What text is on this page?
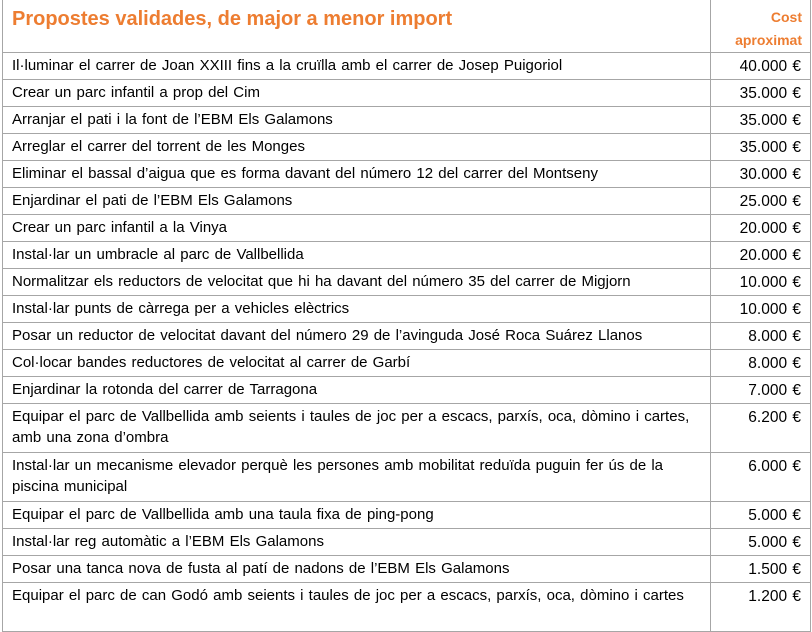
Propostes validades, de major a menor import	Cost
aproximat

Il·luminar el carrer de Joan XXIII fins a la cruïlla amb el carrer de Josep Puigoriol	40.000 €
Crear un parc infantil a prop del Cim	35.000 €
Arranjar el pati i la font de l’EBM Els Galamons	35.000 €
Arreglar el carrer del torrent de les Monges	35.000 €
Eliminar el bassal d’aigua que es forma davant del número 12 del carrer del Montseny	30.000 €
Enjardinar el pati de l’EBM Els Galamons	25.000 €
Crear un parc infantil a la Vinya	20.000 €
Instal·lar un umbracle al parc de Vallbellida	20.000 €
Normalitzar els reductors de velocitat que hi ha davant del número 35 del carrer de Migjorn	10.000 €
Instal·lar punts de càrrega per a vehicles elèctrics	10.000 €
Posar un reductor de velocitat davant del número 29 de l’avinguda José Roca Suárez Llanos	8.000 €
Col·locar bandes reductores de velocitat al carrer de Garbí	8.000 €
Enjardinar la rotonda del carrer de Tarragona	7.000 €
Equipar el parc de Vallbellida amb seients i taules de joc per a escacs, parxís, oca, dòmino i cartes, amb una zona d’ombra	6.200 €
Instal·lar un mecanisme elevador perquè les persones amb mobilitat reduïda puguin fer ús de la piscina municipal	6.000 €
Equipar el parc de Vallbellida amb una taula fixa de ping-pong	5.000 €
Instal·lar reg automàtic a l’EBM Els Galamons	5.000 €
Posar una tanca nova de fusta al patí de nadons de l’EBM Els Galamons	1.500 €
Equipar el parc de can Godó amb seients i taules de joc per a escacs, parxís, oca, dòmino i cartes	1.200 €
